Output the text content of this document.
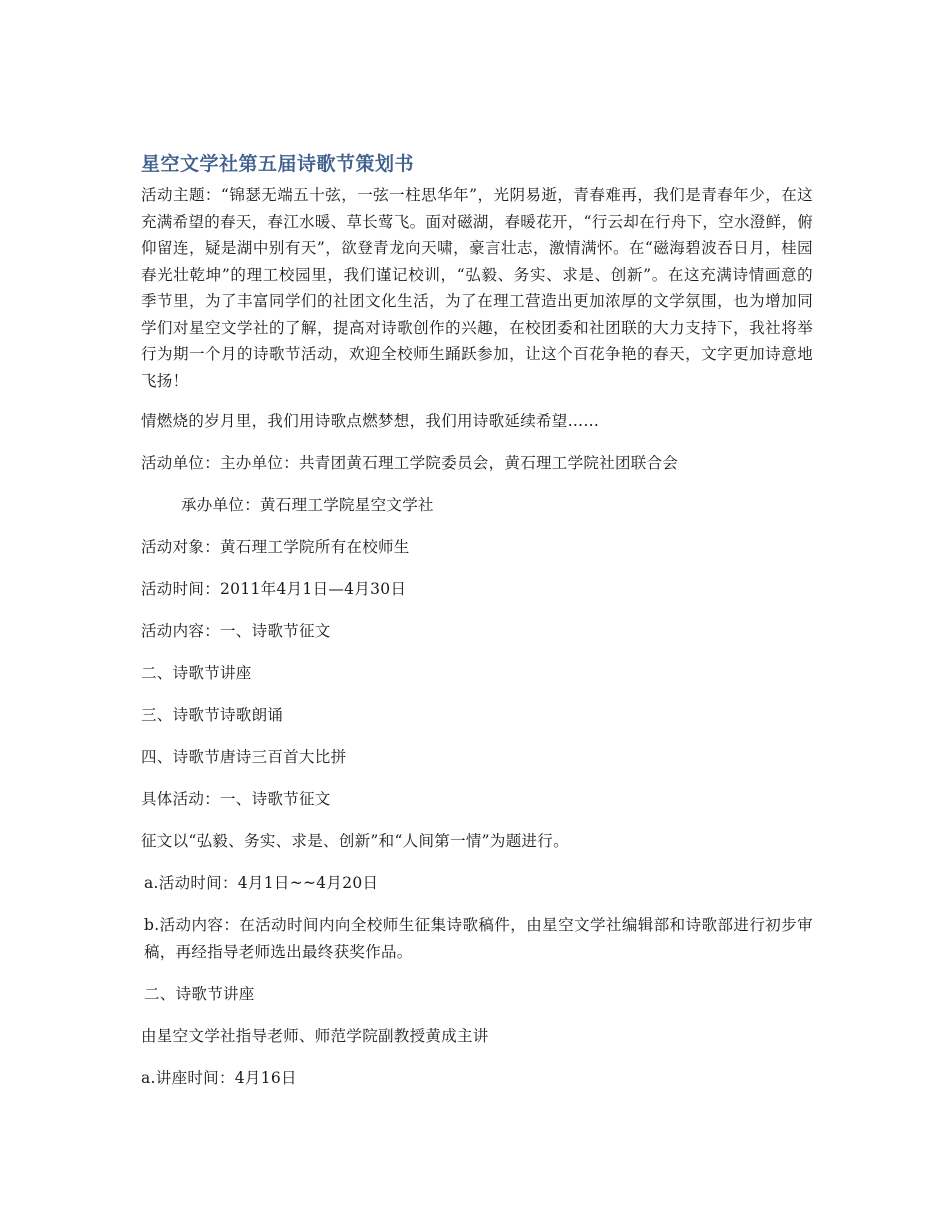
星空文学社第五届诗歌节策划书

活动主题：“锦瑟无端五十弦，一弦一柱思华年”，光阴易逝，青春难再，我们是青春年少，在这充满希望的春天，春江水暖、草长莺飞。面对磁湖，春暖花开，“行云却在行舟下，空水澄鲜，俯仰留连，疑是湖中别有天”，欲登青龙向天啸，豪言壮志，激情满怀。在“磁海碧波吞日月，桂园春光壮乾坤”的理工校园里，我们谨记校训，“弘毅、务实、求是、创新”。在这充满诗情画意的季节里，为了丰富同学们的社团文化生活，为了在理工营造出更加浓厚的文学氛围，也为增加同学们对星空文学社的了解，提高对诗歌创作的兴趣，在校团委和社团联的大力支持下，我社将举行为期一个月的诗歌节活动，欢迎全校师生踊跃参加，让这个百花争艳的春天，文字更加诗意地飞扬！

情燃烧的岁月里，我们用诗歌点燃梦想，我们用诗歌延续希望……

活动单位：主办单位：共青团黄石理工学院委员会，黄石理工学院社团联合会

承办单位：黄石理工学院星空文学社

活动对象：黄石理工学院所有在校师生

活动时间：2011年4月1日—4月30日

活动内容：一、诗歌节征文

二、诗歌节讲座

三、诗歌节诗歌朗诵

四、诗歌节唐诗三百首大比拼

具体活动：一、诗歌节征文

征文以“弘毅、务实、求是、创新”和“人间第一情”为题进行。

a.活动时间：4月1日~~4月20日

b.活动内容：在活动时间内向全校师生征集诗歌稿件，由星空文学社编辑部和诗歌部进行初步审稿，再经指导老师选出最终获奖作品。

二、诗歌节讲座

由星空文学社指导老师、师范学院副教授黄成主讲

a.讲座时间：4月16日
